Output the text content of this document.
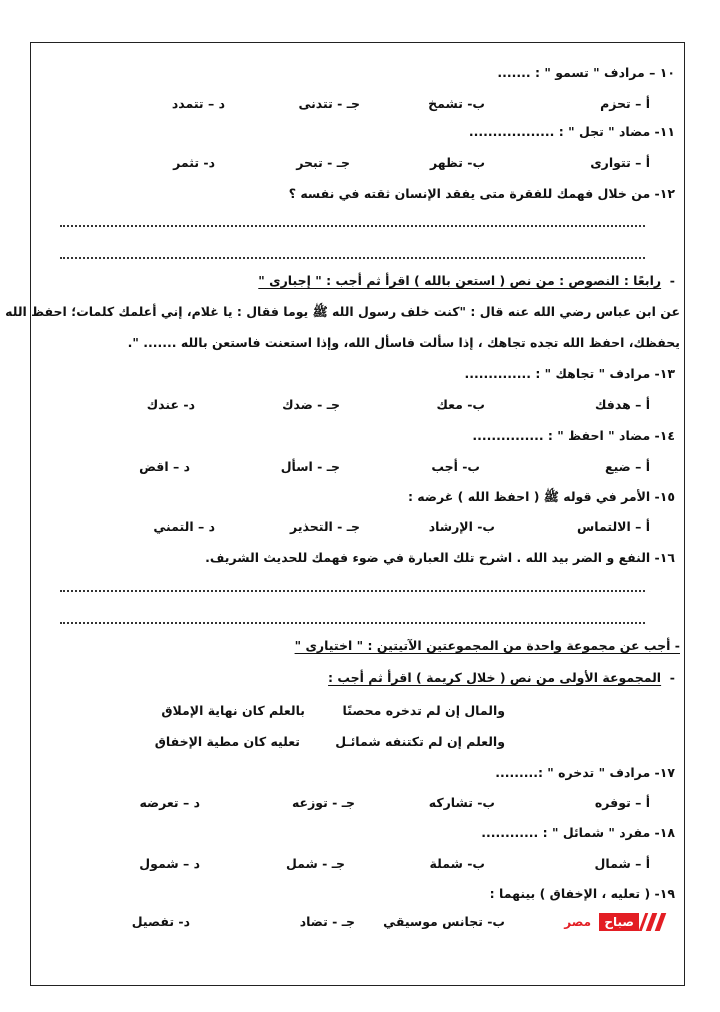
١٠ – مرادف " تسمو " : .......
أ – تحزم
ب- تشمخ
جـ - تتدنى
د – تتمدد
١١- مضاد " تجل " : ..................
أ – تتوارى
ب- تظهر
جـ - تبحر
د- تثمر
١٢- من خلال فهمك للفقرة متى يفقد الإنسان ثقته في نفسه ؟
-  رابعًا : النصوص : من نص ( استعن بالله ) اقرأ ثم أجب : " إجبارى "
عن ابن عباس رضي الله عنه قال : "كنت خلف رسول الله ﷺ يوما فقال : يا غلام، إني أعلمك كلمات؛ احفظ الله
يحفظك، احفظ الله تجده تجاهك ، إذا سألت فاسأل الله، وإذا استعنت فاستعن بالله ....... ".
١٣- مرادف " تجاهك " : ..............
أ – هدفك
ب- معك
جـ - ضدك
د- عندك
١٤- مضاد " احفظ " : ...............
أ – ضيع
ب- أجب
جـ - اسأل
د – اقض
١٥- الأمر في قوله ﷺ ( احفظ الله ) غرضه :
أ – الالتماس
ب- الإرشاد
جـ - التحذير
د – التمني
١٦- النفع و الضر بيد الله . اشرح تلك العبارة في ضوء فهمك للحديث الشريف.
- أجب عن مجموعة واحدة من المجموعتين الآتيتين : " اختيارى "
-  المجموعة الأولى من نص ( خلال كريمة ) اقرأ ثم أجب :
والمال إن لم تدخره محصنًا
بالعلم كان نهاية الإملاق
والعلم إن لم تكتنفه شمائـل
تعليه كان مطية الإخفاق
١٧- مرادف " تدخره " :.........
أ – توفره
ب- تشاركه
جـ - توزعه
د – تعرضه
١٨- مفرد " شمائل " : ............
أ – شمال
ب- شملة
جـ - شمل
د – شمول
١٩- ( تعليه ، الإخفاق ) بينهما :
ب- تجانس موسيقي
جـ - تضاد
د- تفصيل	صباح
مصر
